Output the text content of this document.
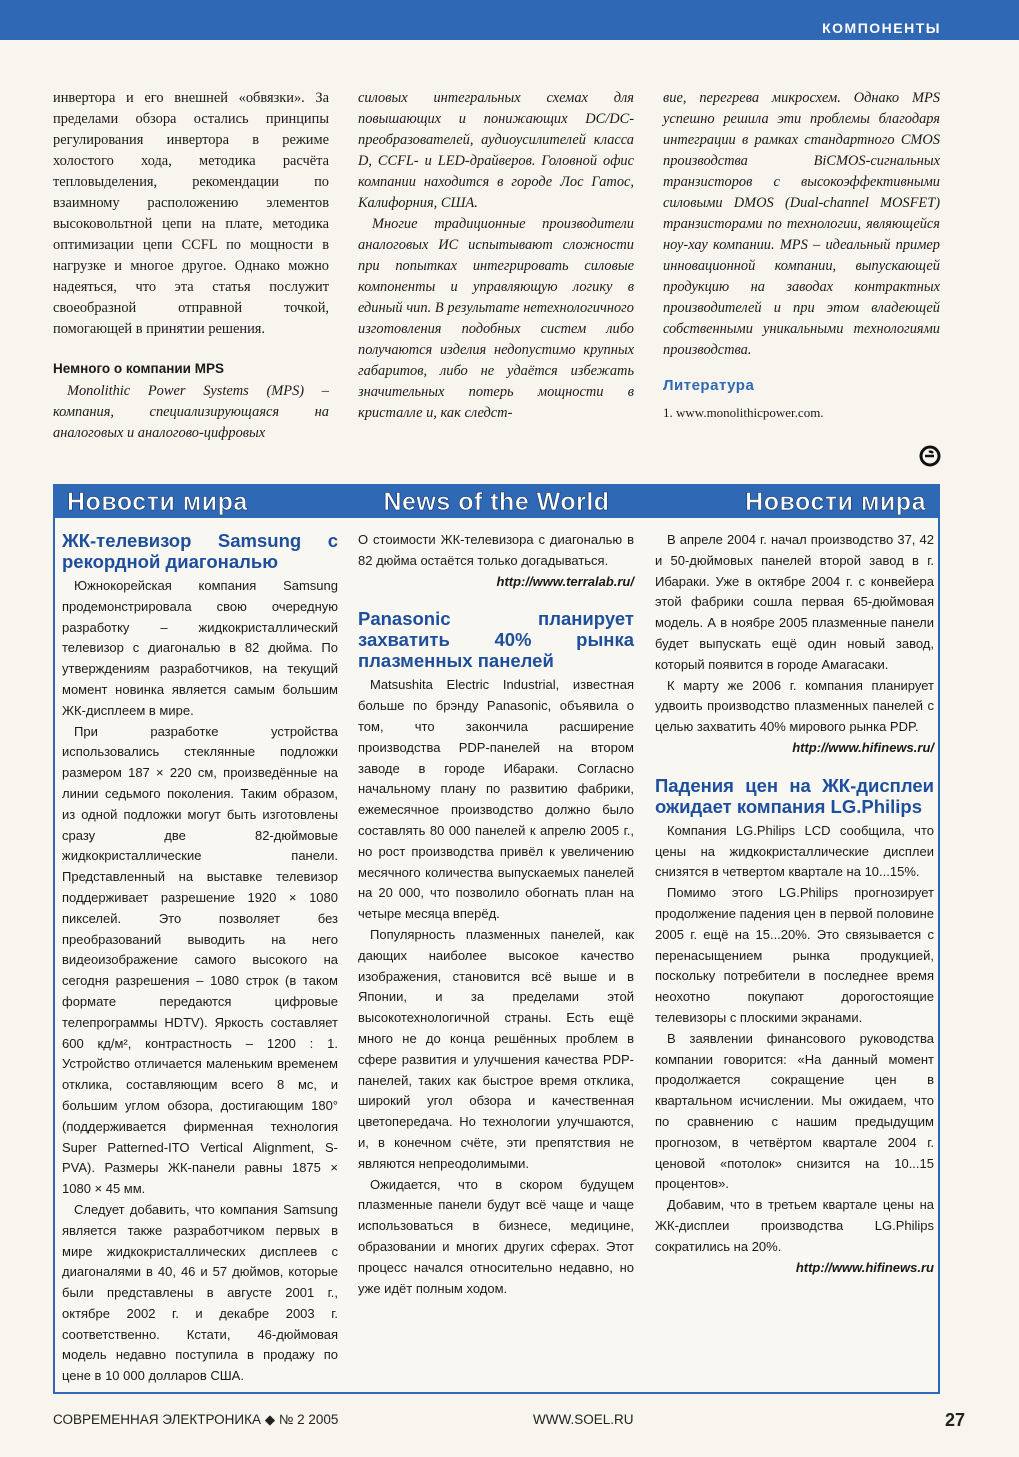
КОМПОНЕНТЫ

инвертора и его внешней «обвязки». За пределами обзора остались принципы регулирования инвертора в режиме холостого хода, методика расчёта тепловыделения, рекомендации по взаимному расположению элементов высоковольтной цепи на плате, методика оптимизации цепи CCFL по мощности в нагрузке и многое другое. Однако можно надеяться, что эта статья послужит своеобразной отправной точкой, помогающей в принятии решения.

Немного о компании MPS

Monolithic Power Systems (MPS) – компания, специализирующаяся на аналоговых и аналогово-цифровых

силовых интегральных схемах для повышающих и понижающих DC/DC-преобразователей, аудиоусилителей класса D, CCFL- и LED-драйверов. Головной офис компании находится в городе Лос Гатос, Калифорния, США.

Многие традиционные производители аналоговых ИС испытывают сложности при попытках интегрировать силовые компоненты и управляющую логику в единый чип. В результате нетехнологичного изготовления подобных систем либо получаются изделия недопустимо крупных габаритов, либо не удаётся избежать значительных потерь мощности в кристалле и, как следст-

вие, перегрева микросхем. Однако MPS успешно решила эти проблемы благодаря интеграции в рамках стандартного CMOS производства BiCMOS-сигнальных транзисторов с высокоэффективными силовыми DMOS (Dual-channel MOSFET) транзисторами по технологии, являющейся ноу-хау компании. MPS – идеальный пример инновационной компании, выпускающей продукцию на заводах контрактных производителей и при этом владеющей собственными уникальными технологиями производства.

Литература

1. www.monolithicpower.com.

Новости мира	News of the World	Новости мира
ЖК-телевизор Samsung с рекордной диагональю

Южнокорейская компания Samsung продемонстрировала свою очередную разработку – жидкокристаллический телевизор с диагональю в 82 дюйма. По утверждениям разработчиков, на текущий момент новинка является самым большим ЖК-дисплеем в мире.

При разработке устройства использовались стеклянные подложки размером 187 × 220 см, произведённые на линии седьмого поколения. Таким образом, из одной подложки могут быть изготовлены сразу две 82-дюймовые жидкокристаллические панели. Представленный на выставке телевизор поддерживает разрешение 1920 × 1080 пикселей. Это позволяет без преобразований выводить на него видеоизображение самого высокого на сегодня разрешения – 1080 строк (в таком формате передаются цифровые телепрограммы HDTV). Яркость составляет 600 кд/м², контрастность – 1200 : 1. Устройство отличается маленьким временем отклика, составляющим всего 8 мс, и большим углом обзора, достигающим 180° (поддерживается фирменная технология Super Patterned-ITO Vertical Alignment, S-PVA). Размеры ЖК-панели равны 1875 × 1080 × 45 мм.

Следует добавить, что компания Samsung является также разработчиком первых в мире жидкокристаллических дисплеев с диагоналями в 40, 46 и 57 дюймов, которые были представлены в августе 2001 г., октябре 2002 г. и декабре 2003 г. соответственно. Кстати, 46-дюймовая модель недавно поступила в продажу по цене в 10 000 долларов США.

О стоимости ЖК-телевизора с диагональю в 82 дюйма остаётся только догадываться.

http://www.terralab.ru/

Panasonic планирует захватить 40% рынка плазменных панелей

Matsushita Electric Industrial, известная больше по брэнду Panasonic, объявила о том, что закончила расширение производства PDP-панелей на втором заводе в городе Ибараки. Согласно начальному плану по развитию фабрики, ежемесячное производство должно было составлять 80 000 панелей к апрелю 2005 г., но рост производства привёл к увеличению месячного количества выпускаемых панелей на 20 000, что позволило обогнать план на четыре месяца вперёд.

Популярность плазменных панелей, как дающих наиболее высокое качество изображения, становится всё выше и в Японии, и за пределами этой высокотехнологичной страны. Есть ещё много не до конца решённых проблем в сфере развития и улучшения качества PDP-панелей, таких как быстрое время отклика, широкий угол обзора и качественная цветопередача. Но технологии улучшаются, и, в конечном счёте, эти препятствия не являются непреодолимыми.

Ожидается, что в скором будущем плазменные панели будут всё чаще и чаще использоваться в бизнесе, медицине, образовании и многих других сферах. Этот процесс начался относительно недавно, но уже идёт полным ходом.

В апреле 2004 г. начал производство 37, 42 и 50-дюймовых панелей второй завод в г. Ибараки. Уже в октябре 2004 г. с конвейера этой фабрики сошла первая 65-дюймовая модель. А в ноябре 2005 плазменные панели будет выпускать ещё один новый завод, который появится в городе Амагасаки.

К марту же 2006 г. компания планирует удвоить производство плазменных панелей с целью захватить 40% мирового рынка PDP.

http://www.hifinews.ru/

Падения цен на ЖК-дисплеи ожидает компания LG.Philips

Компания LG.Philips LCD сообщила, что цены на жидкокристаллические дисплеи снизятся в четвертом квартале на 10...15%.

Помимо этого LG.Philips прогнозирует продолжение падения цен в первой половине 2005 г. ещё на 15...20%. Это связывается с перенасыщением рынка продукцией, поскольку потребители в последнее время неохотно покупают дорогостоящие телевизоры с плоскими экранами.

В заявлении финансового руководства компании говорится: «На данный момент продолжается сокращение цен в квартальном исчислении. Мы ожидаем, что по сравнению с нашим предыдущим прогнозом, в четвёртом квартале 2004 г. ценовой «потолок» снизится на 10...15 процентов».

Добавим, что в третьем квартале цены на ЖК-дисплеи производства LG.Philips сократились на 20%.

http://www.hifinews.ru

СОВРЕМЕННАЯ ЭЛЕКТРОНИКА ◆ № 2 2005	WWW.SOEL.RU	27
